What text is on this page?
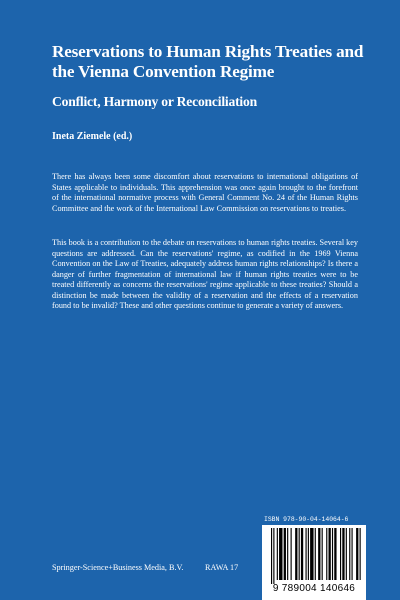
Reservations to Human Rights Treaties and the Vienna Convention Regime
Conflict, Harmony or Reconciliation
Ineta Ziemele (ed.)
There has always been some discomfort about reservations to international obligations of States applicable to individuals. This apprehension was once again brought to the forefront of the international normative process with General Comment No. 24 of the Human Rights Committee and the work of the International Law Commission on reservations to treaties.
This book is a contribution to the debate on reservations to human rights treaties. Several key questions are addressed. Can the reservations' regime, as codified in the 1969 Vienna Convention on the Law of Treaties, adequately address human rights relationships? Is there a danger of further fragmentation of international law if human rights treaties were to be treated differently as concerns the reservations' regime applicable to these treaties? Should a distinction be made between the validity of a reservation and the effects of a reservation found to be invalid? These and other questions continue to generate a variety of answers.
ISBN 978-90-04-14064-6
9 789004 140646
Springer-Science+Business Media, B.V.	RAWA 17
